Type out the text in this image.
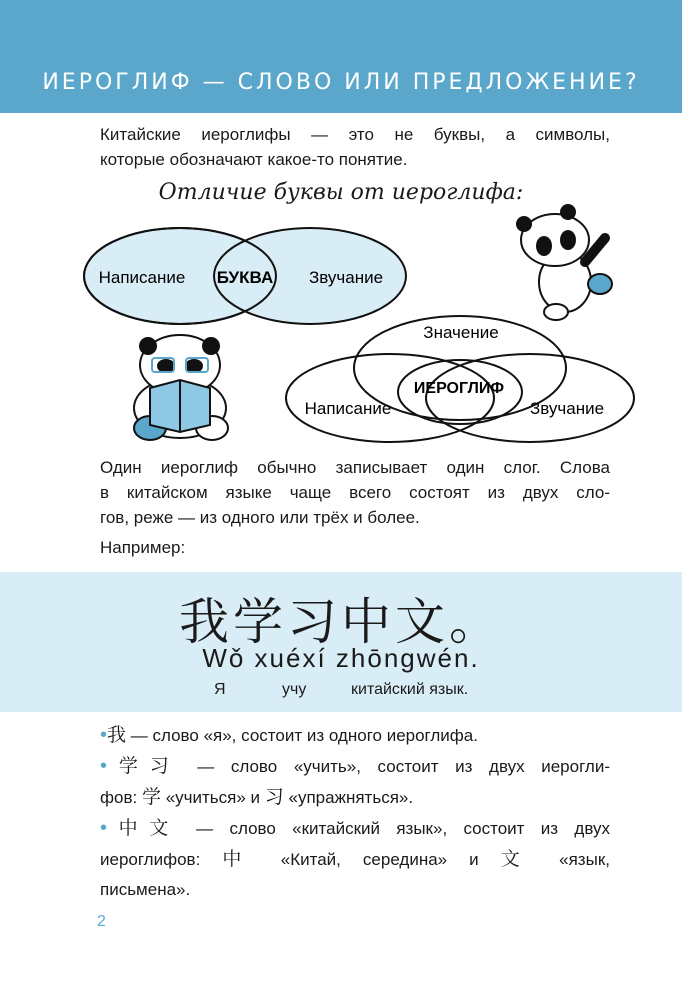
ИЕРОГЛИФ — СЛОВО ИЛИ ПРЕДЛОЖЕНИЕ?
Китайские иероглифы — это не буквы, а символы,
которые обозначают какое-то понятие.
Отличие буквы от иероглифа:
Написание БУКВА Звучание
Значение
Написание
ИЕРОГЛИФ
Звучание
Один иероглиф обычно записывает один слог. Слова
в китайском языке чаще всего состоят из двух сло-
гов, реже — из одного или трёх и более.
Например:
我学习中文。
Wǒ xuéxí zhōngwén.
Я	учу	китайский язык.
•我 — слово «я», состоит из одного иероглифа.
•学习 — слово «учить», состоит из двух иерогли-
фов: 学 «учиться» и 习 «упражняться».
•中文 — слово «китайский язык», состоит из двух
иероглифов: 中 «Китай, середина» и 文 «язык,
письмена».
2
